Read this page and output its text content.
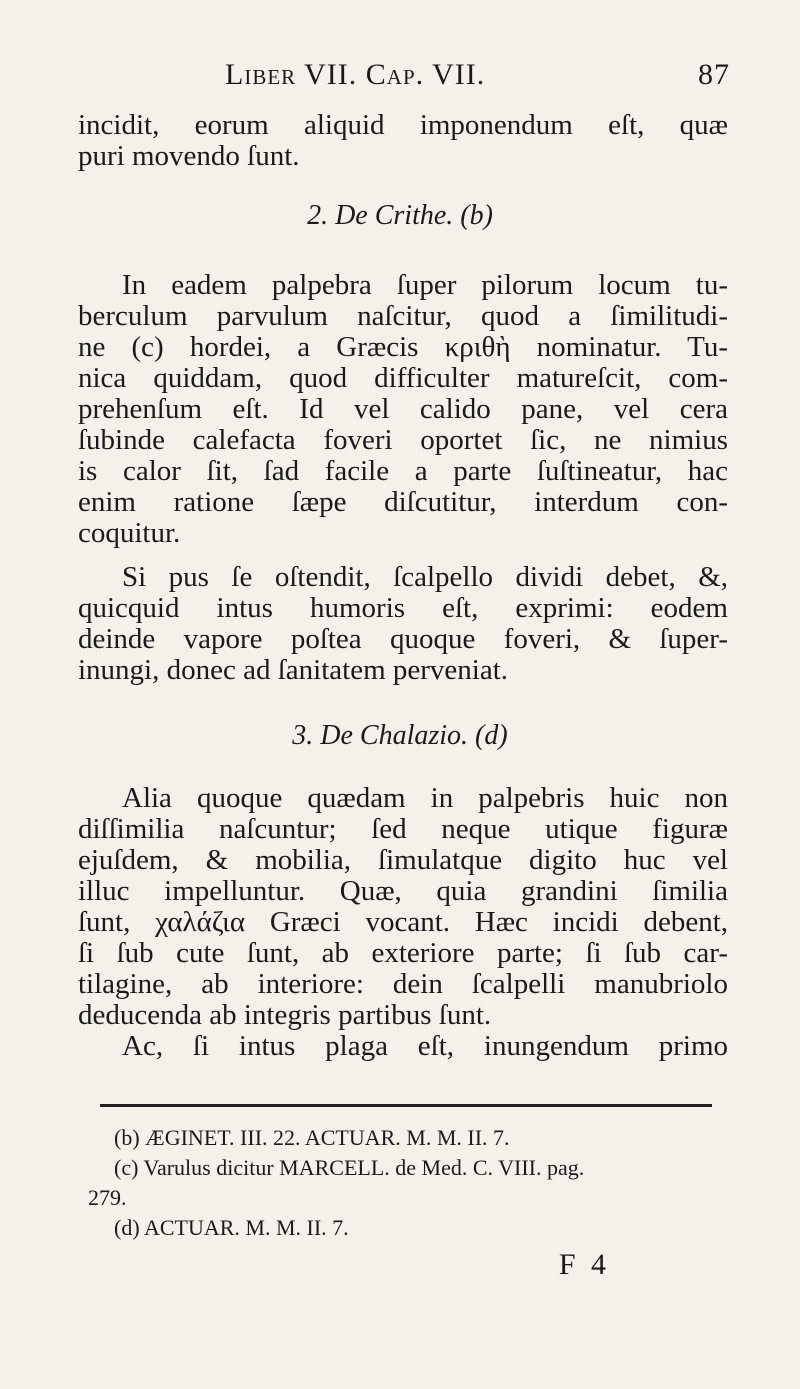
Liber VII. Cap. VII.	87
incidit, eorum aliquid imponendum eſt, quæ
puri movendo ſunt.
2. De Crithe. (b)
In eadem palpebra ſuper pilorum locum tu-
berculum parvulum naſcitur, quod a ſimilitudi-
ne (c) hordei, a Græcis κριθὴ nominatur. Tu-
nica quiddam, quod difficulter matureſcit, com-
prehenſum eſt. Id vel calido pane, vel cera
ſubinde calefacta foveri oportet ſic, ne nimius
is calor ſit, ſad facile a parte ſuſtineatur, hac
enim ratione ſæpe diſcutitur, interdum con-
coquitur.
Si pus ſe oſtendit, ſcalpello dividi debet, &,
quicquid intus humoris eſt, exprimi: eodem
deinde vapore poſtea quoque foveri, & ſuper-
inungi, donec ad ſanitatem perveniat.
3. De Chalazio. (d)
Alia quoque quædam in palpebris huic non
diſſimilia naſcuntur; ſed neque utique figuræ
ejuſdem, & mobilia, ſimulatque digito huc vel
illuc impelluntur. Quæ, quia grandini ſimilia
ſunt, χαλάζια Græci vocant. Hæc incidi debent,
ſi ſub cute ſunt, ab exteriore parte; ſi ſub car-
tilagine, ab interiore: dein ſcalpelli manubriolo
deducenda ab integris partibus ſunt.
Ac, ſi intus plaga eſt, inungendum primo
(b) ÆGINET. III. 22. ACTUAR. M. M. II. 7.
(c) Varulus dicitur MARCELL. de Med. C. VIII. pag.
279.
(d) ACTUAR. M. M. II. 7.
F 4
